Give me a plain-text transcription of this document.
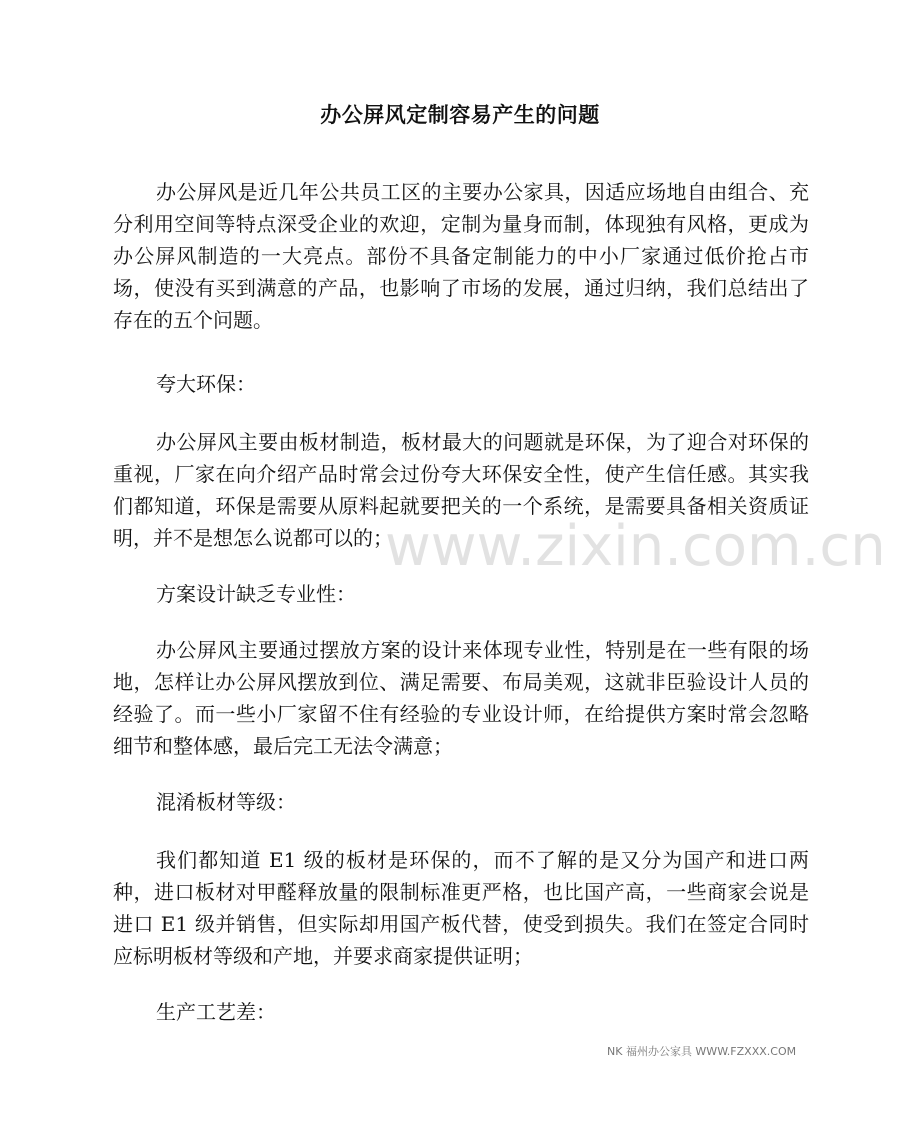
办公屏风定制容易产生的问题

办公屏风是近几年公共员工区的主要办公家具，因适应场地自由组合、充分利用空间等特点深受企业的欢迎，定制为量身而制，体现独有风格，更成为办公屏风制造的一大亮点。部份不具备定制能力的中小厂家通过低价抢占市场，使没有买到满意的产品，也影响了市场的发展，通过归纳，我们总结出了存在的五个问题。

夸大环保：

办公屏风主要由板材制造，板材最大的问题就是环保，为了迎合对环保的重视，厂家在向介绍产品时常会过份夸大环保安全性，使产生信任感。其实我们都知道，环保是需要从原料起就要把关的一个系统，是需要具备相关资质证明，并不是想怎么说都可以的；

方案设计缺乏专业性：

办公屏风主要通过摆放方案的设计来体现专业性，特别是在一些有限的场地，怎样让办公屏风摆放到位、满足需要、布局美观，这就非臣验设计人员的经验了。而一些小厂家留不住有经验的专业设计师，在给提供方案时常会忽略细节和整体感，最后完工无法令满意；

混淆板材等级：

我们都知道 E1 级的板材是环保的，而不了解的是又分为国产和进口两种，进口板材对甲醛释放量的限制标准更严格，也比国产高，一些商家会说是进口 E1 级并销售，但实际却用国产板代替，使受到损失。我们在签定合同时应标明板材等级和产地，并要求商家提供证明；

生产工艺差：

www.zixin.com.cn
NK 福州办公家具 WWW.FZXXX.COM
